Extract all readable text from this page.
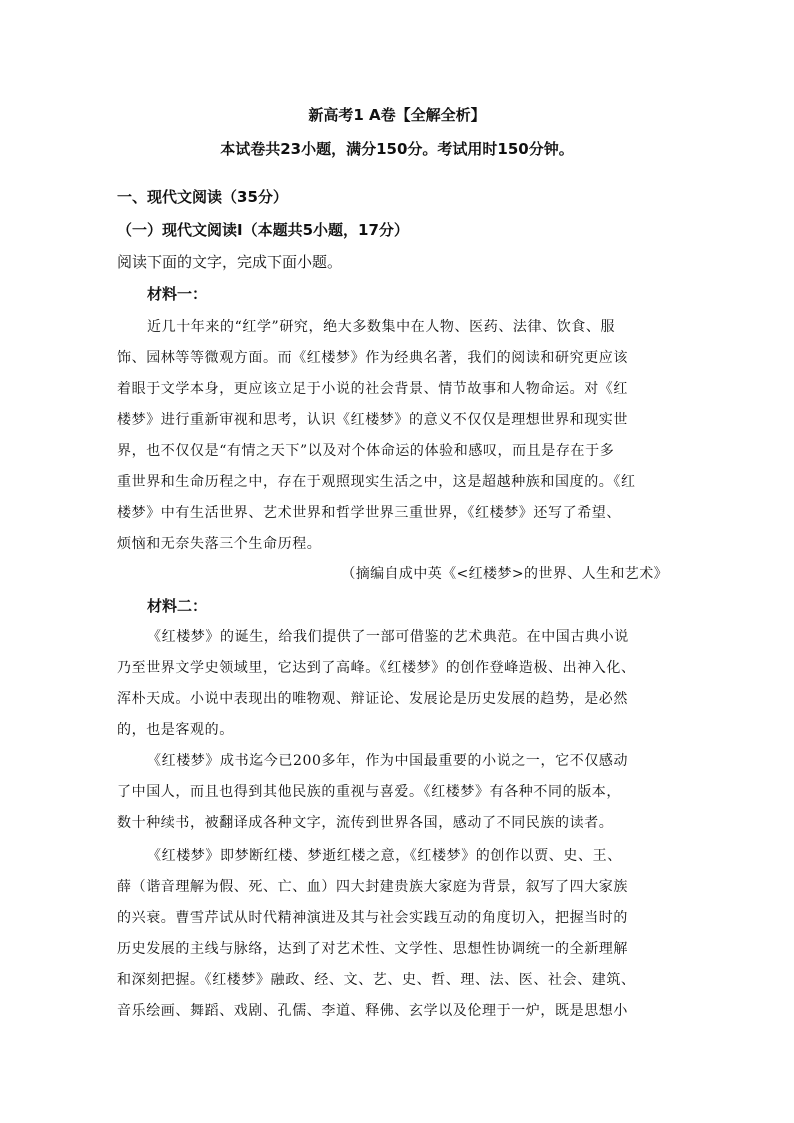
新高考1 A卷【全解全析】
本试卷共23小题，满分150分。考试用时150分钟。
一、现代文阅读（35分）
（一）现代文阅读Ⅰ（本题共5小题，17分）
阅读下面的文字，完成下面小题。
材料一：
近几十年来的“红学”研究，绝大多数集中在人物、医药、法律、饮食、服
饰、园林等等微观方面。而《红楼梦》作为经典名著，我们的阅读和研究更应该
着眼于文学本身，更应该立足于小说的社会背景、情节故事和人物命运。对《红
楼梦》进行重新审视和思考，认识《红楼梦》的意义不仅仅是理想世界和现实世
界，也不仅仅是“有情之天下”以及对个体命运的体验和感叹，而且是存在于多
重世界和生命历程之中，存在于观照现实生活之中，这是超越种族和国度的。《红
楼梦》中有生活世界、艺术世界和哲学世界三重世界，《红楼梦》还写了希望、
烦恼和无奈失落三个生命历程。
（摘编自成中英《<红楼梦>的世界、人生和艺术》
材料二：
《红楼梦》的诞生，给我们提供了一部可借鉴的艺术典范。在中国古典小说
乃至世界文学史领域里，它达到了高峰。《红楼梦》的创作登峰造极、出神入化、
浑朴天成。小说中表现出的唯物观、辩证论、发展论是历史发展的趋势，是必然
的，也是客观的。
《红楼梦》成书迄今已200多年，作为中国最重要的小说之一，它不仅感动
了中国人，而且也得到其他民族的重视与喜爱。《红楼梦》有各种不同的版本，
数十种续书，被翻译成各种文字，流传到世界各国，感动了不同民族的读者。
《红楼梦》即梦断红楼、梦逝红楼之意，《红楼梦》的创作以贾、史、王、
薛（谐音理解为假、死、亡、血）四大封建贵族大家庭为背景，叙写了四大家族
的兴衰。曹雪芹试从时代精神演进及其与社会实践互动的角度切入，把握当时的
历史发展的主线与脉络，达到了对艺术性、文学性、思想性协调统一的全新理解
和深刻把握。《红楼梦》融政、经、文、艺、史、哲、理、法、医、社会、建筑、
音乐绘画、舞蹈、戏剧、孔儒、李道、释佛、玄学以及伦理于一炉，既是思想小
